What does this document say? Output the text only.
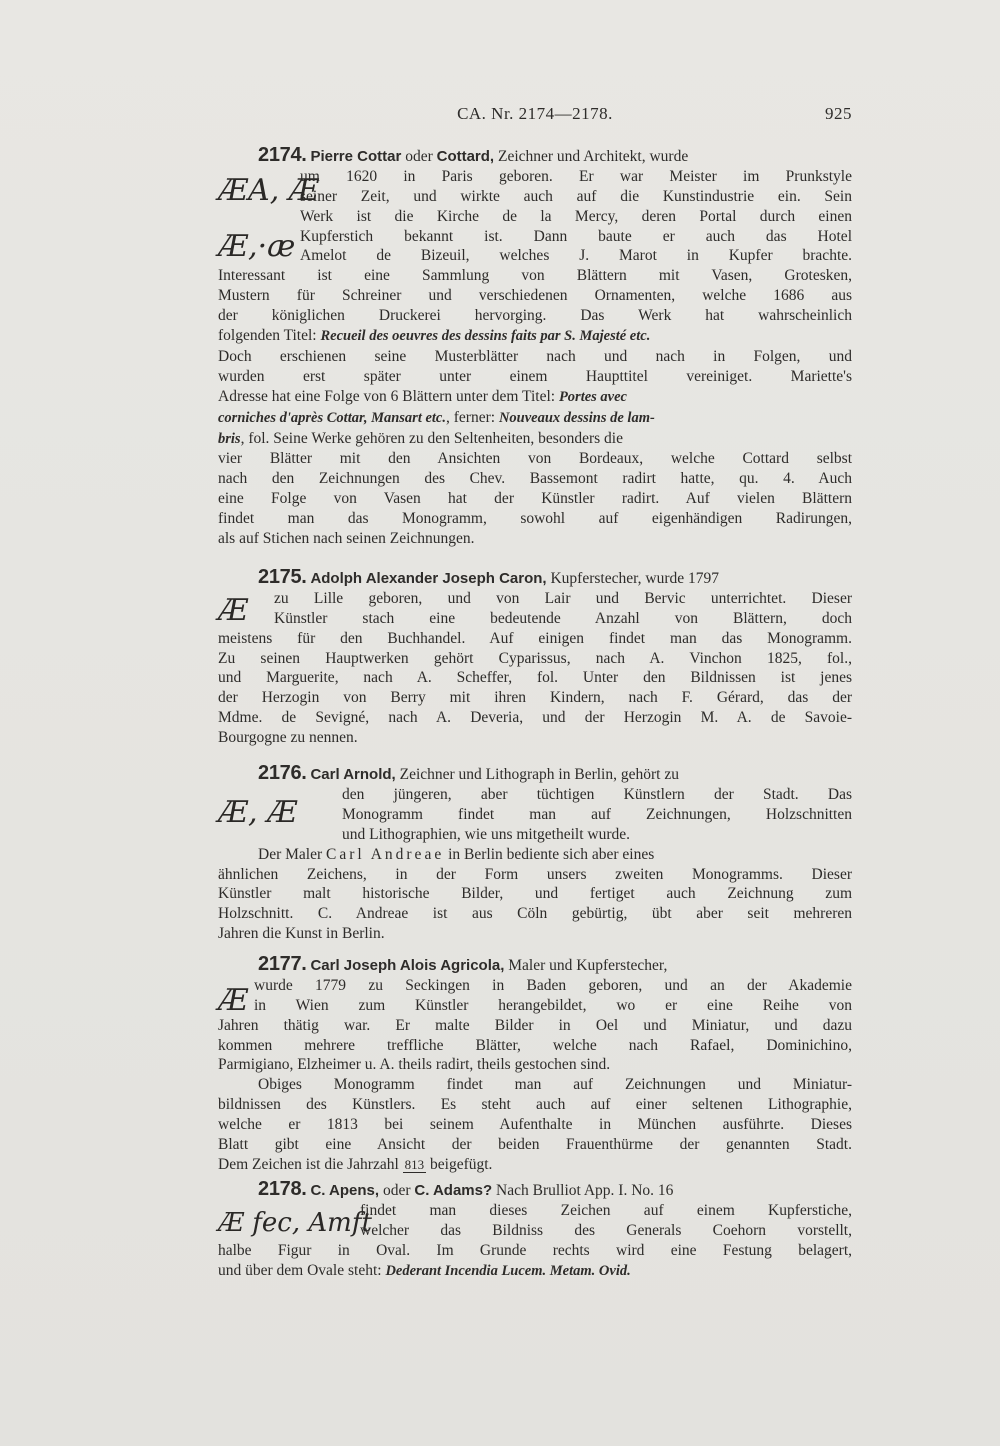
CA. Nr. 2174—2178.	925
ÆA, Æ
Æ,·æ
2174. Pierre Cottar oder Cottard, Zeichner und Architekt, wurde
um 1620 in Paris geboren. Er war Meister im Prunkstyle
seiner Zeit, und wirkte auch auf die Kunstindustrie ein. Sein
Werk ist die Kirche de la Mercy, deren Portal durch einen
Kupferstich bekannt ist. Dann baute er auch das Hotel
Amelot de Bizeuil, welches J. Marot in Kupfer brachte.
Interessant ist eine Sammlung von Blättern mit Vasen, Grotesken,
Mustern für Schreiner und verschiedenen Ornamenten, welche 1686 aus
der königlichen Druckerei hervorging. Das Werk hat wahrscheinlich
folgenden Titel: Recueil des oeuvres des dessins faits par S. Majesté etc.
Doch erschienen seine Musterblätter nach und nach in Folgen, und
wurden erst später unter einem Haupttitel vereiniget. Mariette's
Adresse hat eine Folge von 6 Blättern unter dem Titel: Portes avec
corniches d'après Cottar, Mansart etc., ferner: Nouveaux dessins de lam-
bris, fol. Seine Werke gehören zu den Seltenheiten, besonders die
vier Blätter mit den Ansichten von Bordeaux, welche Cottard selbst
nach den Zeichnungen des Chev. Bassemont radirt hatte, qu. 4. Auch
eine Folge von Vasen hat der Künstler radirt. Auf vielen Blättern
findet man das Monogramm, sowohl auf eigenhändigen Radirungen,
als auf Stichen nach seinen Zeichnungen.
Æ
2175. Adolph Alexander Joseph Caron, Kupferstecher, wurde 1797
zu Lille geboren, und von Lair und Bervic unterrichtet. Dieser
Künstler stach eine bedeutende Anzahl von Blättern, doch
meistens für den Buchhandel. Auf einigen findet man das Monogramm.
Zu seinen Hauptwerken gehört Cyparissus, nach A. Vinchon 1825, fol.,
und Marguerite, nach A. Scheffer, fol. Unter den Bildnissen ist jenes
der Herzogin von Berry mit ihren Kindern, nach F. Gérard, das der
Mdme. de Sevigné, nach A. Deveria, und der Herzogin M. A. de Savoie-
Bourgogne zu nennen.
Æ, Æ
2176. Carl Arnold, Zeichner und Lithograph in Berlin, gehört zu
den jüngeren, aber tüchtigen Künstlern der Stadt. Das
Monogramm findet man auf Zeichnungen, Holzschnitten
und Lithographien, wie uns mitgetheilt wurde.
Der Maler Carl Andreae in Berlin bediente sich aber eines
ähnlichen Zeichens, in der Form unsers zweiten Monogramms. Dieser
Künstler malt historische Bilder, und fertiget auch Zeichnung zum
Holzschnitt. C. Andreae ist aus Cöln gebürtig, übt aber seit mehreren
Jahren die Kunst in Berlin.
Æ
2177. Carl Joseph Alois Agricola, Maler und Kupferstecher,
wurde 1779 zu Seckingen in Baden geboren, und an der Akademie
in Wien zum Künstler herangebildet, wo er eine Reihe von
Jahren thätig war. Er malte Bilder in Oel und Miniatur, und dazu
kommen mehrere treffliche Blätter, welche nach Rafael, Dominichino,
Parmigiano, Elzheimer u. A. theils radirt, theils gestochen sind.
Obiges Monogramm findet man auf Zeichnungen und Miniatur-
bildnissen des Künstlers. Es steht auch auf einer seltenen Lithographie,
welche er 1813 bei seinem Aufenthalte in München ausführte. Dieses
Blatt gibt eine Ansicht der beiden Frauenthürme der genannten Stadt.
Dem Zeichen ist die Jahrzahl 813 beigefügt.
Æ fec, Amft
2178. C. Apens, oder C. Adams? Nach Brulliot App. I. No. 16
findet man dieses Zeichen auf einem Kupferstiche,
welcher das Bildniss des Generals Coehorn vorstellt,
halbe Figur in Oval. Im Grunde rechts wird eine Festung belagert,
und über dem Ovale steht: Dederant Incendia Lucem. Metam. Ovid.
